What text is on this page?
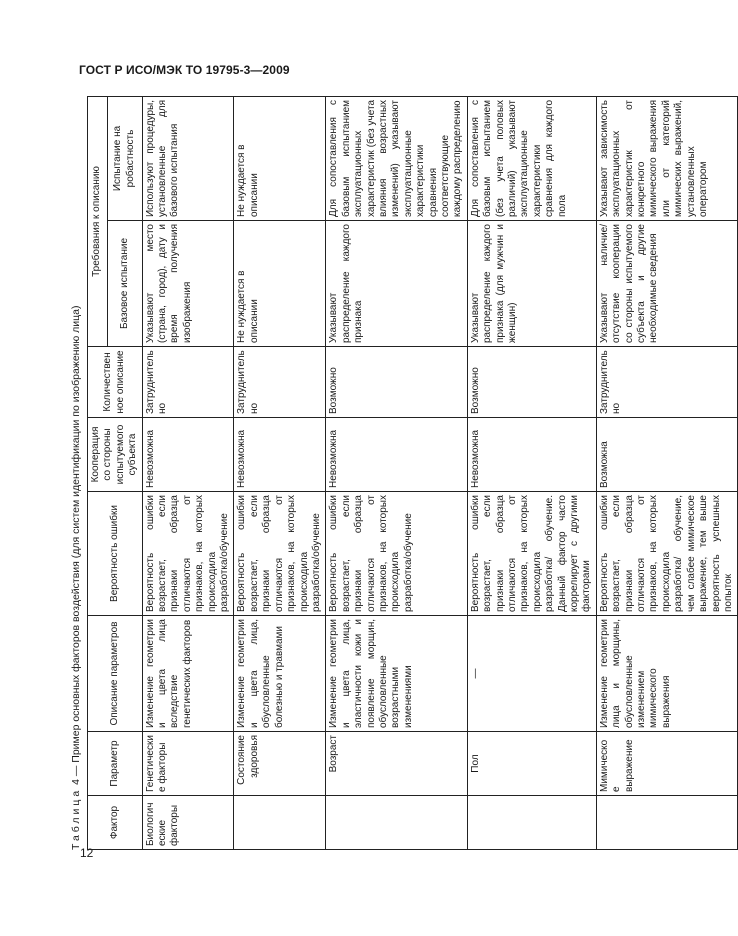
ГОСТ Р ИСО/МЭК ТО 19795-3—2009
12
Таблица 4 — Пример основных факторов воздействия (для систем идентификации по изображению лица)
Фактор	Параметр	Описание параметров	Вероятность ошибки	Кооперация со стороны испытуемого субъекта	Количественное описание	Требования к описанию	
						Базовое испытание	Испытание на робастность
Биологические факторы	Генетические факторы	Изменение геометрии и цвета лица вследствие генетических факторов	Вероятность ошибки возрастает, если признаки образца отличаются от признаков, на которых происходила разработка/обучение	Невозможна	Затруднительно	Указывают место (страна, город), дату и время получения изображения	Используют процедуры, установленные для базового испытания
	Состояние здоровья	Изменение геометрии и цвета лица, обусловленные болезнью и травмами	Вероятность ошибки возрастает, если признаки образца отличаются от признаков, на которых происходила разработка/обучение	Невозможна	Затруднительно	Не нуждается в описании	Не нуждается в описании
	Возраст	Изменение геометрии и цвета лица, эластичности кожи и появление морщин, обусловленные возрастными изменениями	Вероятность ошибки возрастает, если признаки образца отличаются от признаков, на которых происходила разработка/обучение	Невозможна	Возможно	Указывают распределение каждого признака	Для сопоставления с базовым испытанием эксплуатационных характеристик (без учета влияния возрастных изменений) указывают эксплуатационные характеристики сравнения соответствующие каждому распределению
	Пол	—	Вероятность ошибки возрастает, если признаки образца отличаются от признаков, на которых происходила разработка/ обучение. Данный фактор часто коррелирует с другими факторами	Невозможна	Возможно	Указывают распределение каждого признака (для мужчин и женщин)	Для сопоставления с базовым испытанием (без учета половых различий) указывают эксплуатационные характеристики сравнения для каждого пола
	Мимическое выражение	Изменение геометрии лица и морщины, обусловленные изменением мимического выражения	Вероятность ошибки возрастает, если признаки образца отличаются от признаков, на которых происходила разработка/ обучение, чем слабее мимическое выражение, тем выше вероятность успешных попыток	Возможна	Затруднительно	Указывают наличие/ отсутствие кооперации со стороны испытуемого субъекта и другие необходимые сведения	Указывают зависимость эксплуатационных характеристик от конкретного мимического выражения или от категорий мимических выражений, установленных оператором
